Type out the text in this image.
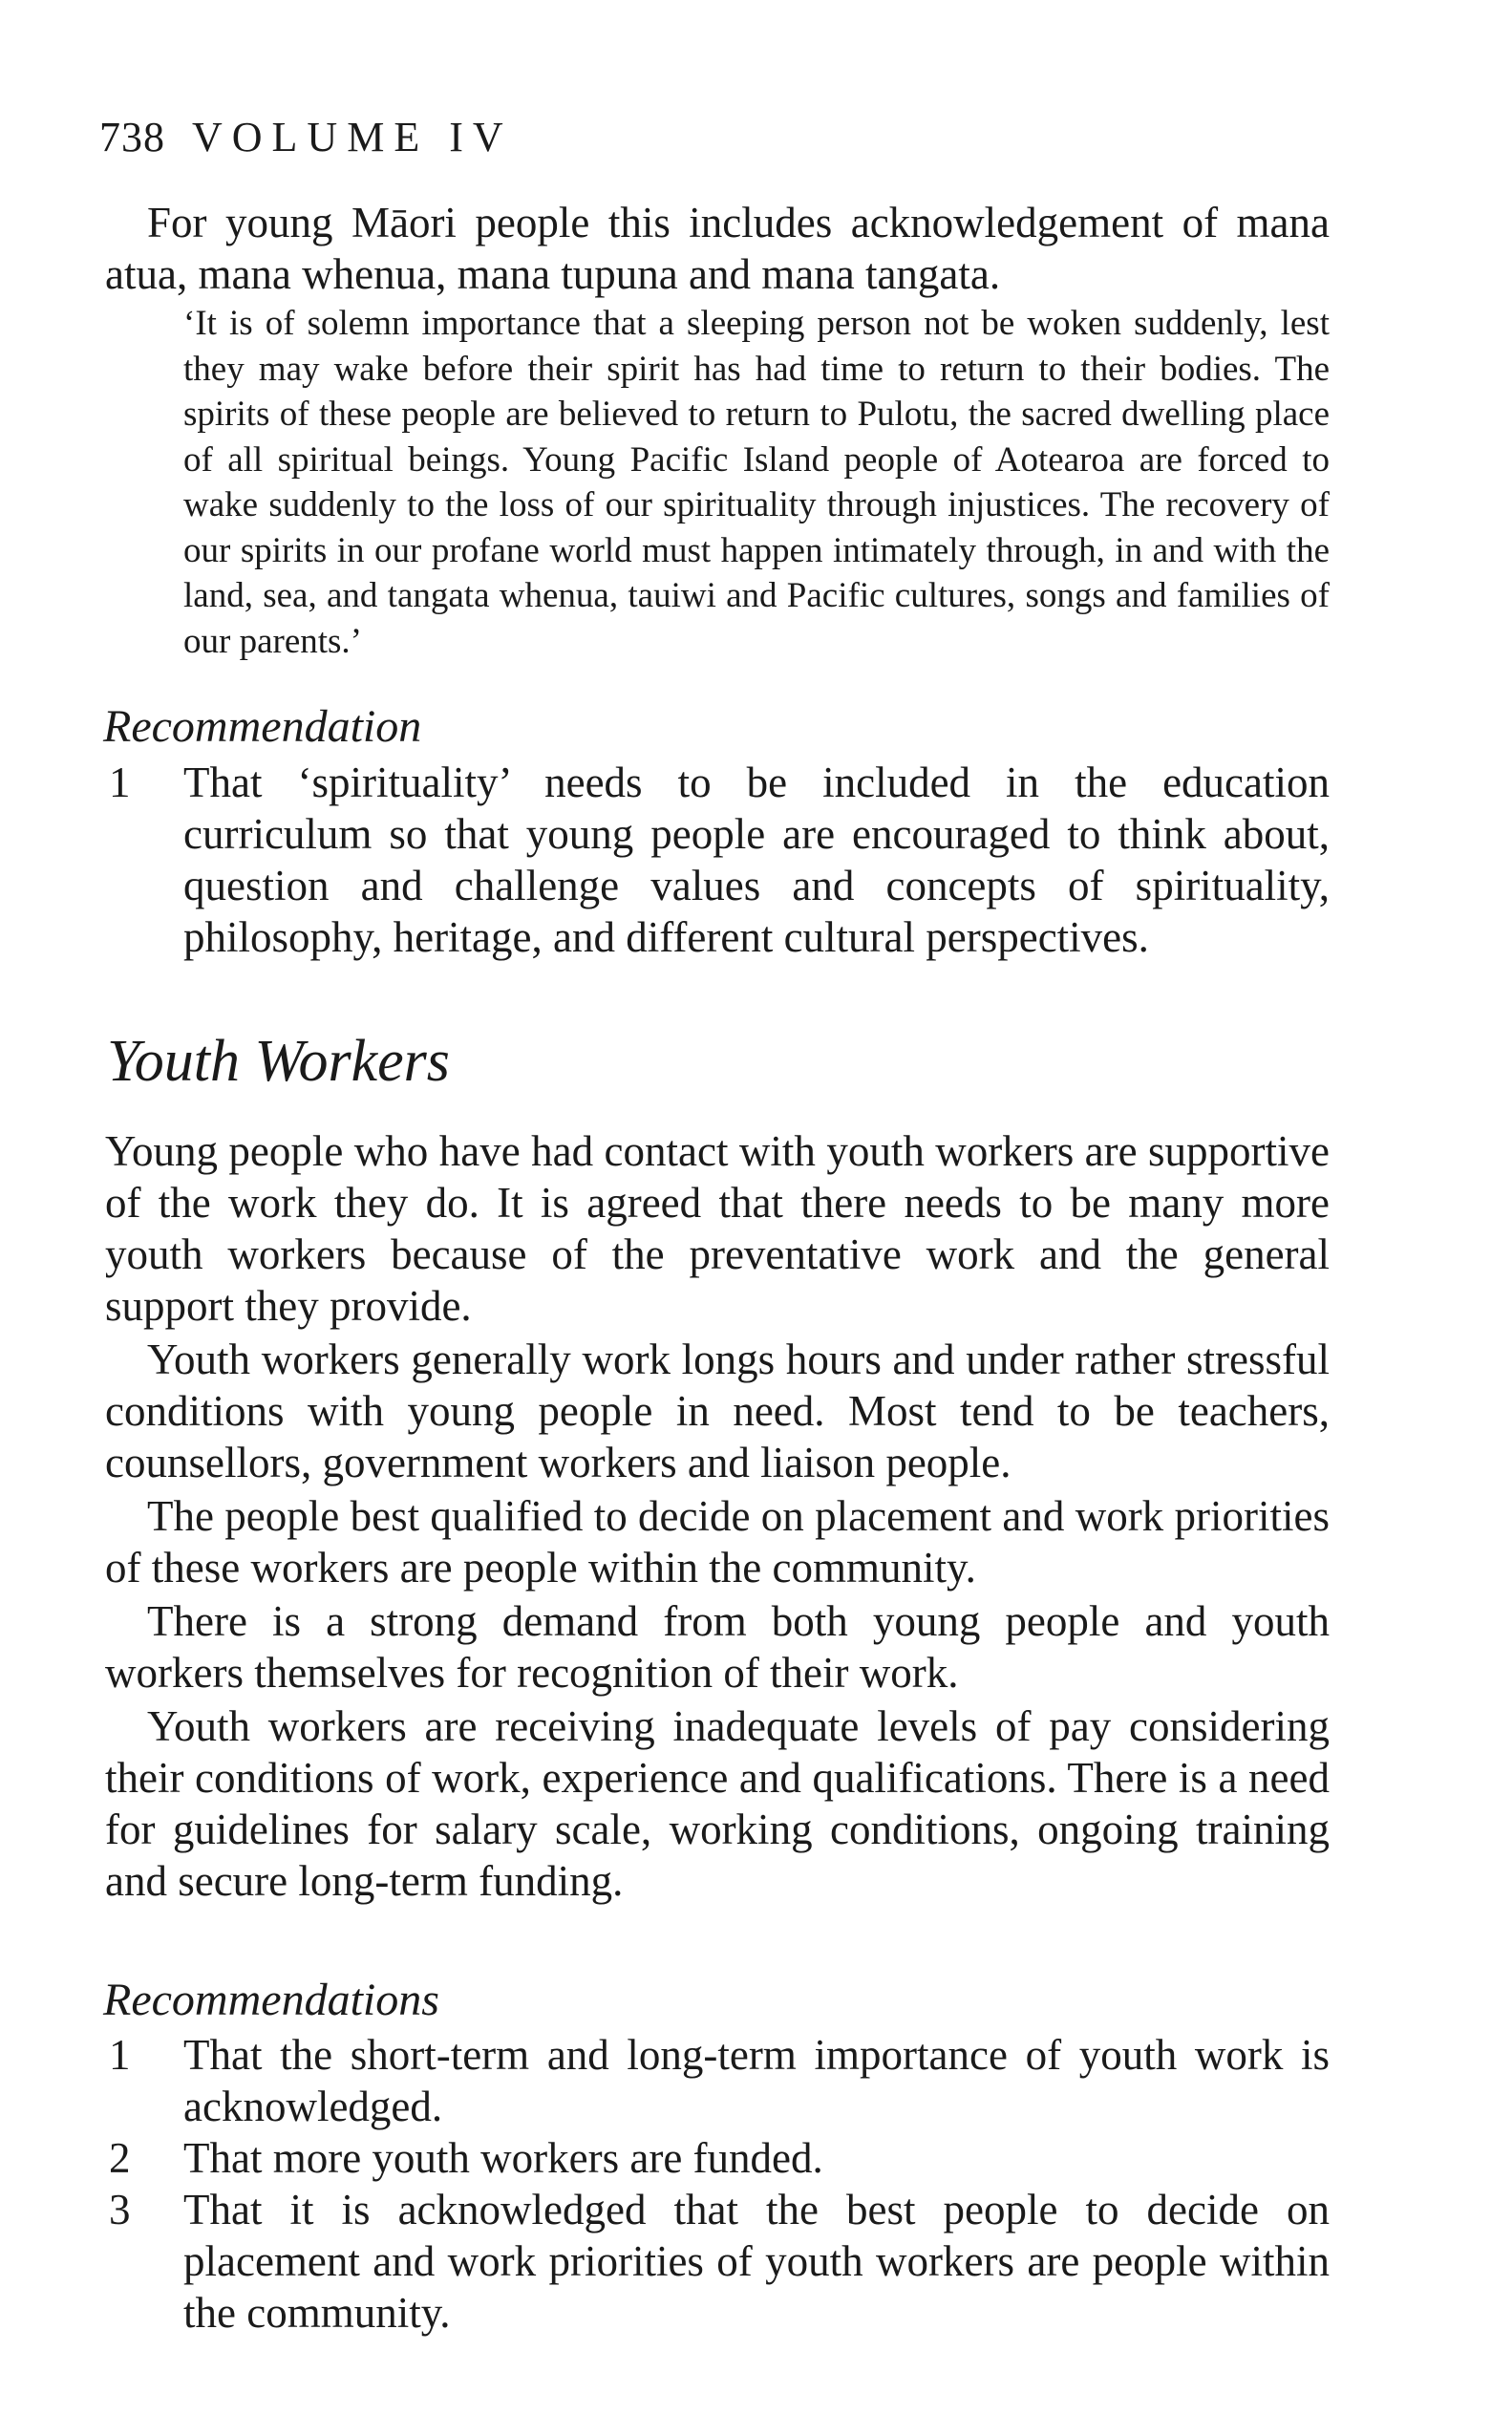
738 VOLUME IV
For young Māori people this includes acknowledgement of mana atua, mana whenua, mana tupuna and mana tangata.
‘It is of solemn importance that a sleeping person not be woken suddenly, lest they may wake before their spirit has had time to return to their bodies. The spirits of these people are believed to return to Pulotu, the sacred dwelling place of all spiritual beings. Young Pacific Island people of Aotearoa are forced to wake suddenly to the loss of our spirituality through injustices. The recovery of our spirits in our profane world must happen intimately through, in and with the land, sea, and tangata whenua, tauiwi and Pacific cultures, songs and families of our parents.’
Recommendation
1 That ‘spirituality’ needs to be included in the education curriculum so that young people are encouraged to think about, question and challenge values and concepts of spirituality, philosophy, heritage, and different cultural perspectives.
Youth Workers

Young people who have had contact with youth workers are supportive of the work they do. It is agreed that there needs to be many more youth workers because of the preventative work and the general support they provide.

Youth workers generally work longs hours and under rather stressful conditions with young people in need. Most tend to be teachers, counsellors, government workers and liaison people.

The people best qualified to decide on placement and work priorities of these workers are people within the community.

There is a strong demand from both young people and youth workers themselves for recognition of their work.

Youth workers are receiving inadequate levels of pay considering their conditions of work, experience and qualifications. There is a need for guidelines for salary scale, working conditions, ongoing training and secure long-term funding.

Recommendations
1 That the short-term and long-term importance of youth work is acknowledged.
2 That more youth workers are funded.
3 That it is acknowledged that the best people to decide on placement and work priorities of youth workers are people within the community.
